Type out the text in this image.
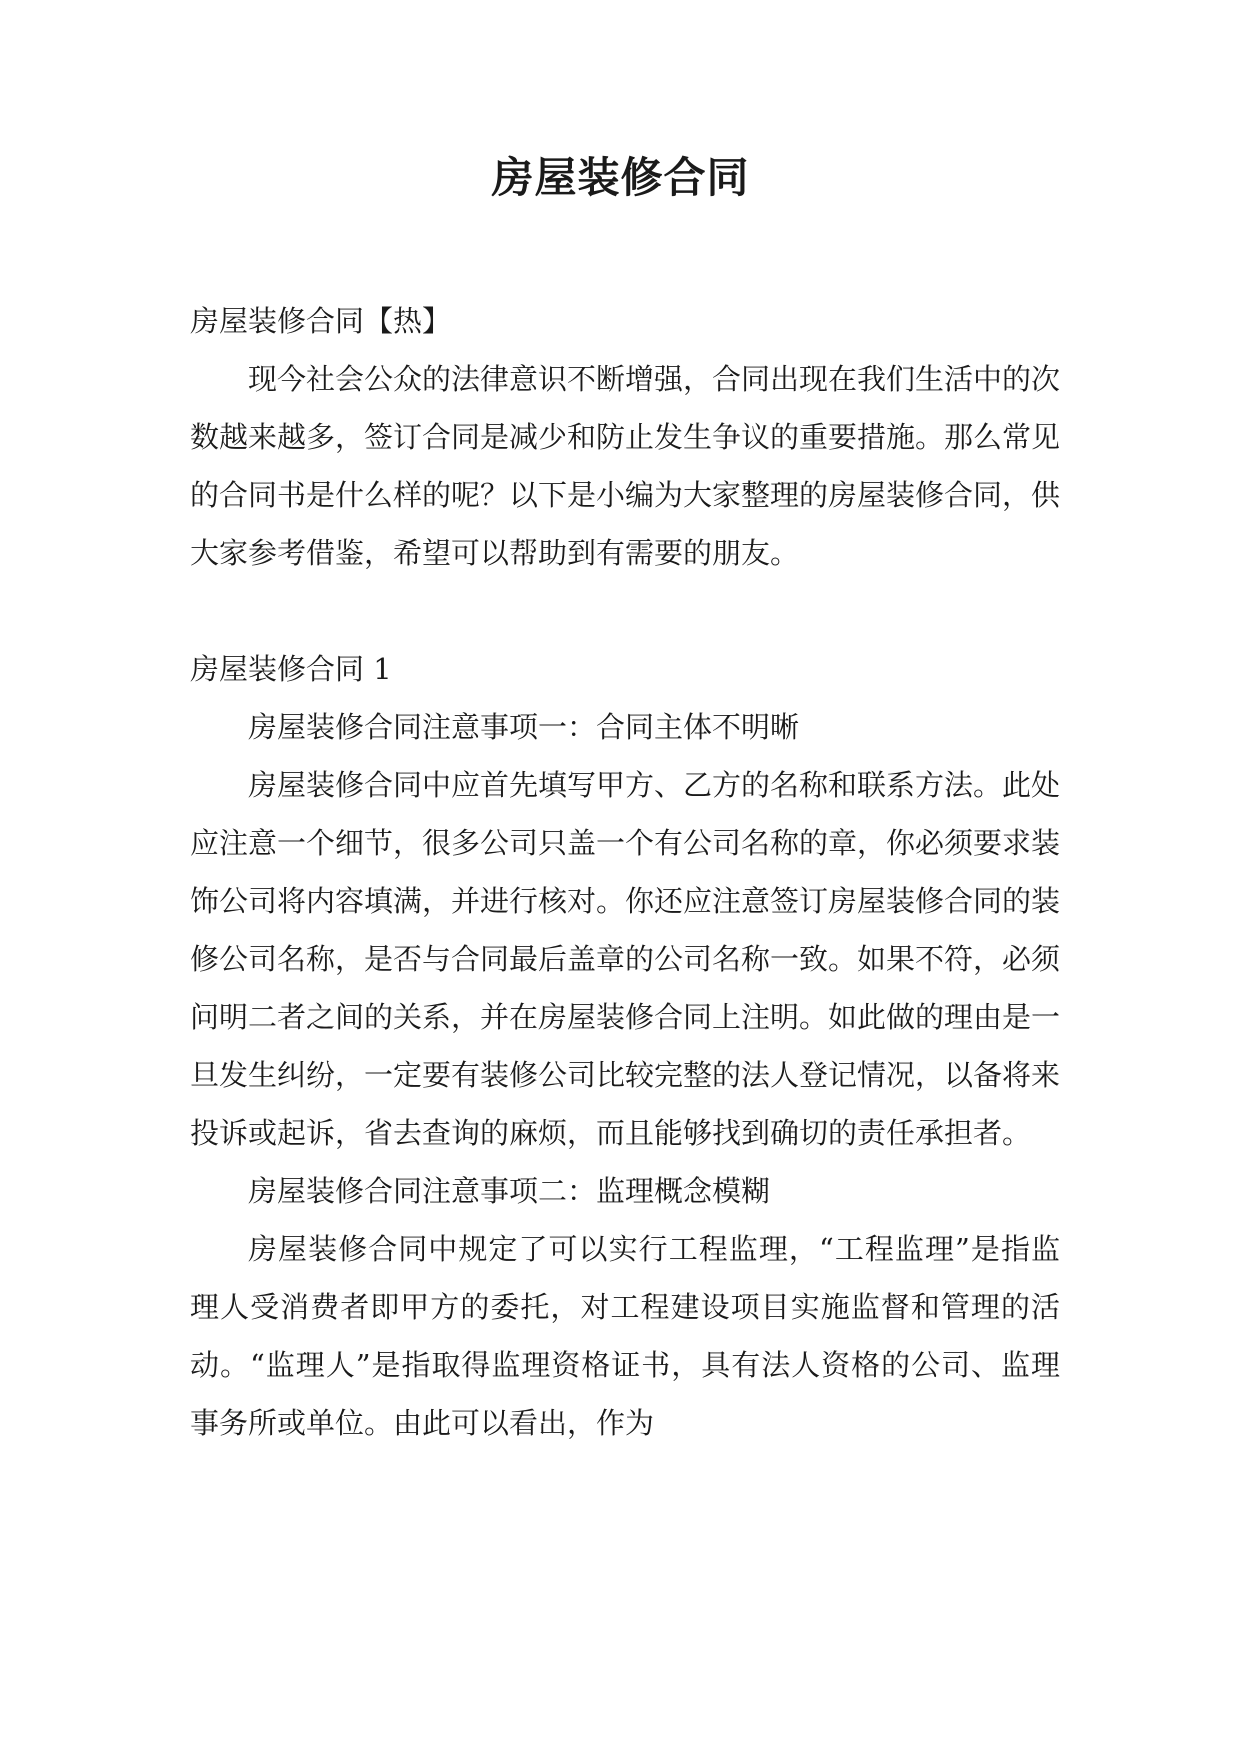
房屋装修合同

房屋装修合同【热】

现今社会公众的法律意识不断增强，合同出现在我们生活中的次数越来越多，签订合同是减少和防止发生争议的重要措施。那么常见的合同书是什么样的呢？以下是小编为大家整理的房屋装修合同，供大家参考借鉴，希望可以帮助到有需要的朋友。

房屋装修合同 1

房屋装修合同注意事项一：合同主体不明晰

房屋装修合同中应首先填写甲方、乙方的名称和联系方法。此处应注意一个细节，很多公司只盖一个有公司名称的章，你必须要求装饰公司将内容填满，并进行核对。你还应注意签订房屋装修合同的装修公司名称，是否与合同最后盖章的公司名称一致。如果不符，必须问明二者之间的关系，并在房屋装修合同上注明。如此做的理由是一旦发生纠纷，一定要有装修公司比较完整的法人登记情况，以备将来投诉或起诉，省去查询的麻烦，而且能够找到确切的责任承担者。

房屋装修合同注意事项二：监理概念模糊

房屋装修合同中规定了可以实行工程监理，“工程监理”是指监理人受消费者即甲方的委托，对工程建设项目实施监督和管理的活动。“监理人”是指取得监理资格证书，具有法人资格的公司、监理事务所或单位。由此可以看出，作为
